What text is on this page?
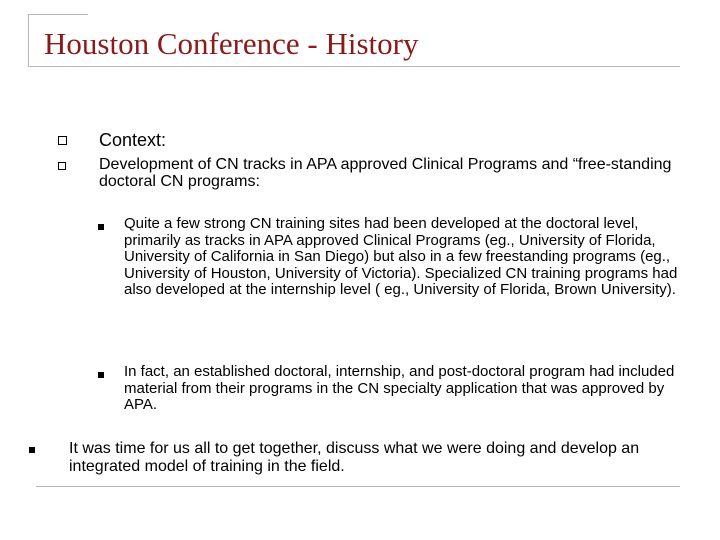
Houston Conference - History
Context:
Development of CN tracks in APA approved Clinical Programs and “free-standing doctoral CN programs:
Quite a few strong CN training sites had been developed at the doctoral level, primarily as tracks in APA approved Clinical Programs (eg., University of Florida, University of California in San Diego) but also in a few freestanding programs (eg., University of Houston, University of Victoria). Specialized CN training programs had also developed at the internship level ( eg., University of Florida, Brown University).
In fact, an established doctoral, internship, and post-doctoral program had included material from their programs in the CN specialty application that was approved by APA.
It was time for us all to get together, discuss what we were doing and develop an integrated model of training in the field.
